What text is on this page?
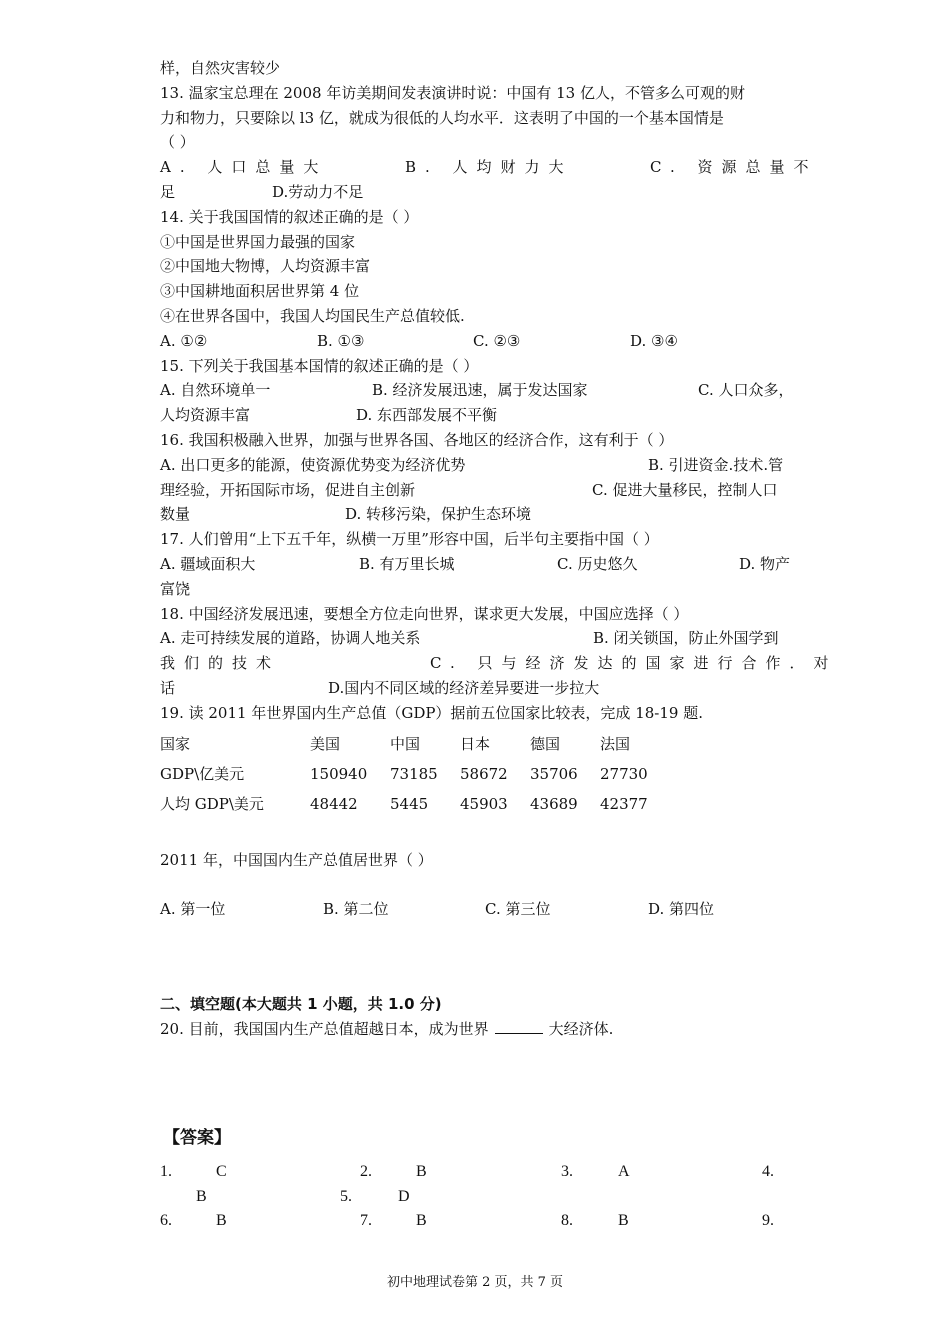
样，自然灾害较少
13. 温家宝总理在 2008 年访美期间发表演讲时说：中国有 13 亿人，不管多么可观的财
力和物力，只要除以 l3 亿，就成为很低的人均水平．这表明了中国的一个基本国情是
（ ）
A. 人口总量大	B. 人均财力大	C. 资源总量不
足	D.劳动力不足
14. 关于我国国情的叙述正确的是（ ）
①中国是世界国力最强的国家
②中国地大物博，人均资源丰富
③中国耕地面积居世界第 4 位
④在世界各国中，我国人均国民生产总值较低.
A. ①②	B. ①③	C. ②③	D. ③④
15. 下列关于我国基本国情的叙述正确的是（ ）
A. 自然环境单一	B. 经济发展迅速，属于发达国家	C. 人口众多，
人均资源丰富	D. 东西部发展不平衡
16. 我国积极融入世界，加强与世界各国、各地区的经济合作，这有利于（ ）
A. 出口更多的能源，使资源优势变为经济优势	B. 引进资金.技术.管
理经验，开拓国际市场，促进自主创新	C. 促进大量移民，控制人口
数量	D. 转移污染，保护生态环境
17. 人们曾用“上下五千年，纵横一万里”形容中国，后半句主要指中国（ ）
A. 疆域面积大	B. 有万里长城	C. 历史悠久	D. 物产
富饶
18. 中国经济发展迅速，要想全方位走向世界，谋求更大发展，中国应选择（ ）
A. 走可持续发展的道路，协调人地关系	B. 闭关锁国，防止外国学到
我们的技术	C. 只与经济发达的国家进行合作．对
话	D.国内不同区域的经济差异要进一步拉大
19. 读 2011 年世界国内生产总值（GDP）据前五位国家比较表，完成 18-19 题.
国家	美国	中国	日本	德国	法国
GDP\亿美元	150940 73185 58672 35706 27730
人均 GDP\美元	48442 5445 45903 43689 42377
2011 年，中国国内生产总值居世界（ ）
A. 第一位	B. 第二位	C. 第三位	D. 第四位
二、填空题(本大题共 1 小题，共 1.0 分)
20. 目前，我国国内生产总值超越日本，成为世界	大经济体.
【答案】
1.	C	2.	B	3.	A	4.
B	5.	D
6.	B	7.	B	8.	B	9.
初中地理试卷第 2 页，共 7 页
